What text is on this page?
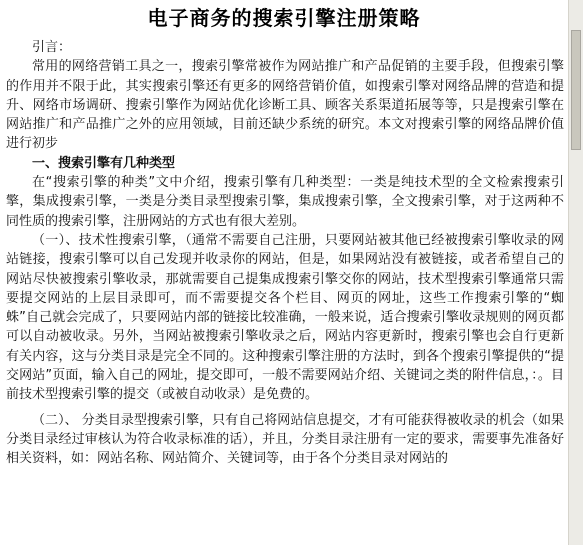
电子商务的搜索引擎注册策略

引言：

常用的网络营销工具之一，搜索引擎常被作为网站推广和产品促销的主要手段，但搜索引擎的作用并不限于此，其实搜索引擎还有更多的网络营销价值，如搜索引擎对网络品牌的营造和提升、网络市场调研、搜索引擎作为网站优化诊断工具、顾客关系渠道拓展等等，只是搜索引擎在网站推广和产品推广之外的应用领域，目前还缺少系统的研究。本文对搜索引擎的网络品牌价值进行初步

一、搜索引擎有几种类型

在“搜索引擎的种类”文中介绍，搜索引擎有几种类型：一类是纯技术型的全文检索搜索引擎，集成搜索引擎，一类是分类目录型搜索引擎，集成搜索引擎，全文搜索引擎，对于这两种不同性质的搜索引擎，注册网站的方式也有很大差别。

（一）、技术性搜索引擎，（通常不需要自己注册，只要网站被其他已经被搜索引擎收录的网站链接，搜索引擎可以自己发现并收录你的网站，但是，如果网站没有被链接，或者希望自己的网站尽快被搜索引擎收录，那就需要自己提集成搜索引擎交你的网站，技术型搜索引擎通常只需要提交网站的上层目录即可，而不需要提交各个栏目、网页的网址，这些工作搜索引擎的“蜘蛛”自己就会完成了，只要网站内部的链接比较准确，一般来说，适合搜索引擎收录规则的网页都可以自动被收录。另外，当网站被搜索引擎收录之后，网站内容更新时，搜索引擎也会自行更新有关内容，这与分类目录是完全不同的。这种搜索引擎注册的方法时，到各个搜索引擎提供的“提交网站”页面，输入自己的网址，提交即可，一般不需要网站介绍、关键词之类的附件信息，：。目前技术型搜索引擎的提交（或被自动收录）是免费的。

（二）、 分类目录型搜索引擎，只有自己将网站信息提交，才有可能获得被收录的机会（如果分类目录经过审核认为符合收录标准的话），并且，分类目录注册有一定的要求，需要事先准备好相关资料，如：网站名称、网站简介、关键词等，由于各个分类目录对网站的
